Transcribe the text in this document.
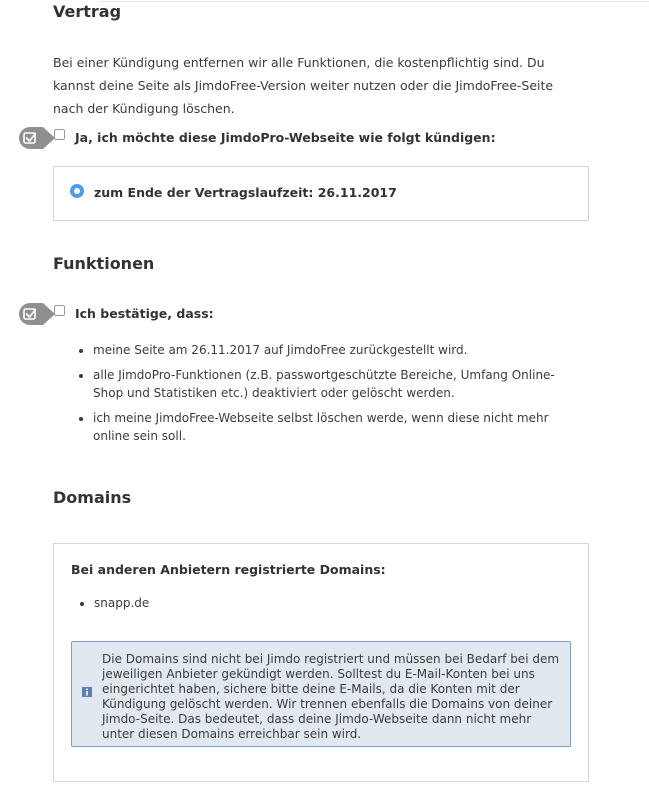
Vertrag

Bei einer Kündigung entfernen wir alle Funktionen, die kostenpflichtig sind. Du kannst deine Seite als JimdoFree-Version weiter nutzen oder die JimdoFree-Seite nach der Kündigung löschen.

Ja, ich möchte diese JimdoPro-Webseite wie folgt kündigen:
zum Ende der Vertragslaufzeit: 26.11.2017
Funktionen
Ich bestätige, dass:
meine Seite am 26.11.2017 auf JimdoFree zurückgestellt wird.
alle JimdoPro-Funktionen (z.B. passwortgeschützte Bereiche, Umfang Online-Shop und Statistiken etc.) deaktiviert oder gelöscht werden.
ich meine JimdoFree-Webseite selbst löschen werde, wenn diese nicht mehr online sein soll.
Domains
Bei anderen Anbietern registrierte Domains:
snapp.de
Die Domains sind nicht bei Jimdo registriert und müssen bei Bedarf bei dem jeweiligen Anbieter gekündigt werden. Solltest du E-Mail-Konten bei uns eingerichtet haben, sichere bitte deine E-Mails, da die Konten mit der Kündigung gelöscht werden. Wir trennen ebenfalls die Domains von deiner Jimdo-Seite. Das bedeutet, dass deine Jimdo-Webseite dann nicht mehr unter diesen Domains erreichbar sein wird.
